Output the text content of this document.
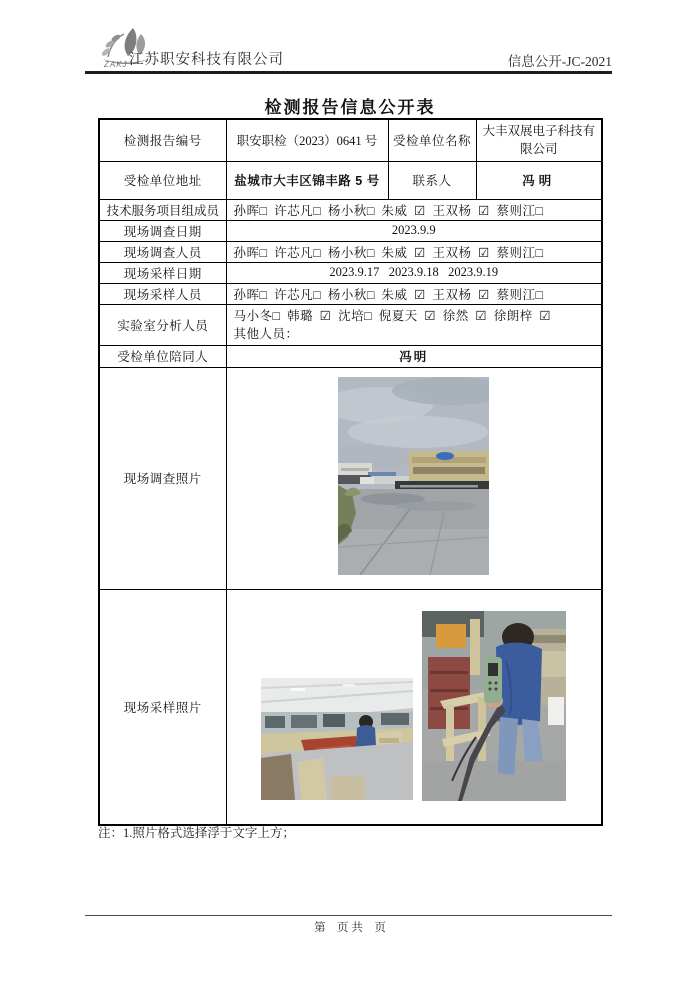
ZAKJ 江苏职安科技有限公司	信息公开-JC-2021
检测报告信息公开表
检测报告编号	职安职检（2023）0641 号	受检单位名称	大丰双展电子科技有限公司
受检单位地址	盐城市大丰区锦丰路 5 号	联系人	冯明
技术服务项目组成员	孙晖□ 许芯凡□ 杨小秋□ 朱威 ☑ 王双杨 ☑ 蔡则江□		
现场调查日期	2023.9.9		
现场调查人员	孙晖□ 许芯凡□ 杨小秋□ 朱威 ☑ 王双杨 ☑ 蔡则江□		
现场采样日期	2023.9.17   2023.9.18   2023.9.19		
现场采样人员	孙晖□ 许芯凡□ 杨小秋□ 朱威 ☑ 王双杨 ☑ 蔡则江□		
实验室分析人员	马小冬□ 韩璐 ☑ 沈培□ 倪夏天 ☑ 徐然 ☑ 徐朗梓 ☑
其他人员：		

受检单位陪同人	冯明		
现场调查照片	
现场采样照片	
注：1.照片格式选择浮于文字上方；
第　页 共　页
